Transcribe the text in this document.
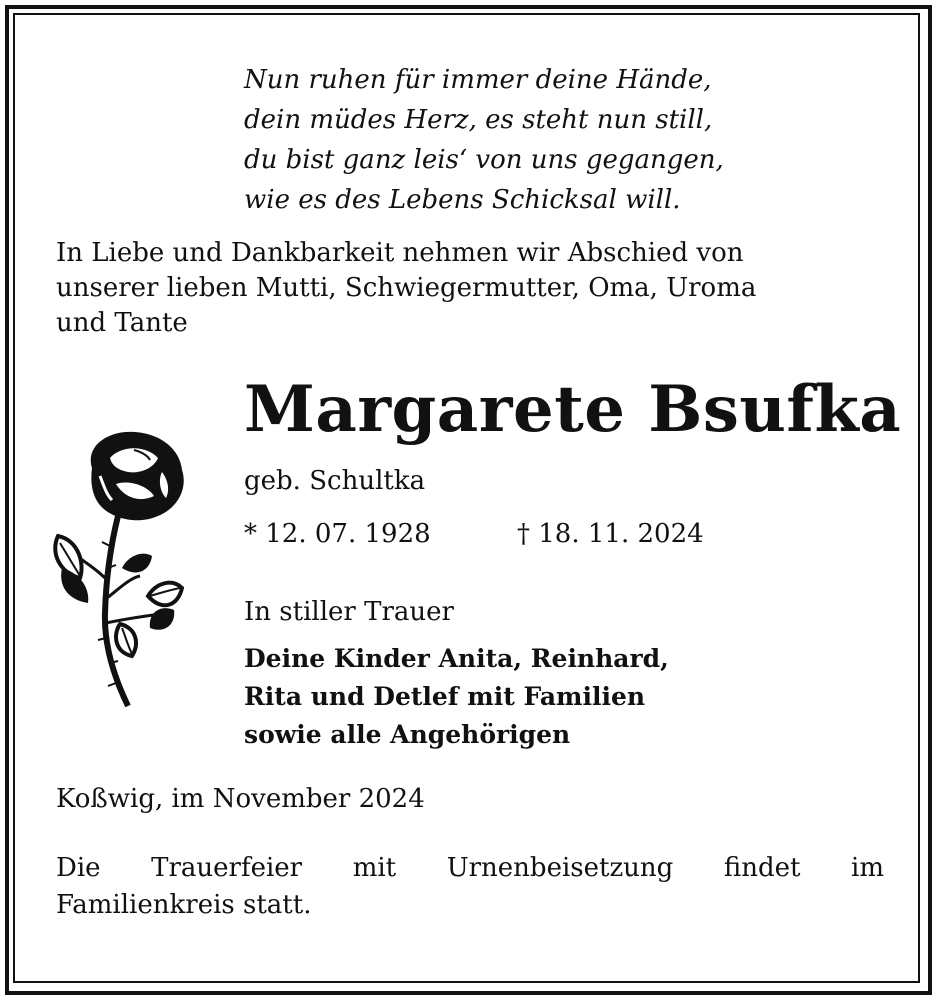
Nun ruhen für immer deine Hände,
dein müdes Herz, es steht nun still,
du bist ganz leis‘ von uns gegangen,
wie es des Lebens Schicksal will.
In Liebe und Dankbarkeit nehmen wir Abschied von
unserer lieben Mutti, Schwiegermutter, Oma, Uroma
und Tante
Margarete Bsufka
geb. Schultka
* 12. 07. 1928	† 18. 11. 2024
In stiller Trauer
Deine Kinder Anita, Reinhard,
Rita und Detlef mit Familien
sowie alle Angehörigen
Koßwig, im November 2024
Die Trauerfeier mit Urnenbeisetzung findet im
Familienkreis statt.
